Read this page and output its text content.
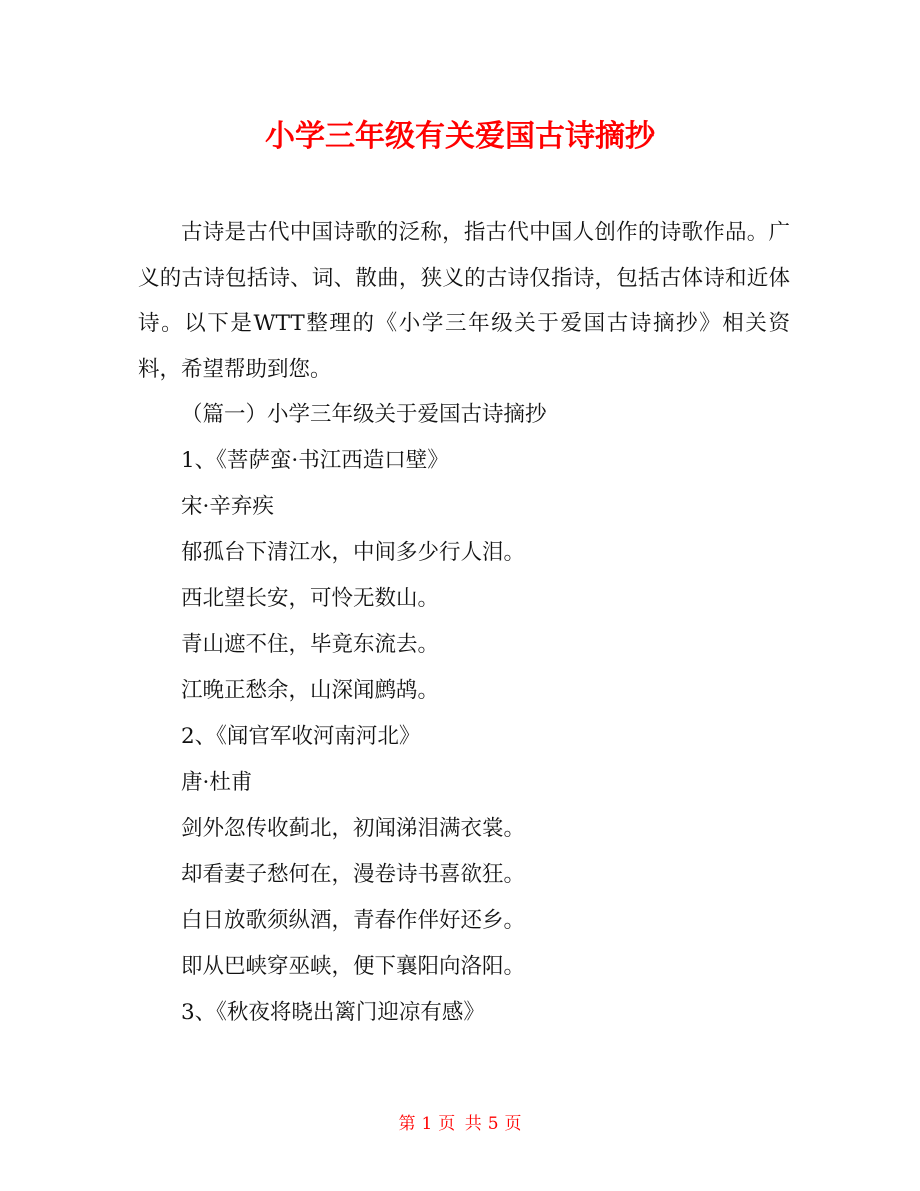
小学三年级有关爱国古诗摘抄

古诗是古代中国诗歌的泛称，指古代中国人创作的诗歌作品。广义的古诗包括诗、词、散曲，狭义的古诗仅指诗，包括古体诗和近体诗。以下是WTT整理的《小学三年级关于爱国古诗摘抄》相关资料，希望帮助到您。

（篇一）小学三年级关于爱国古诗摘抄

1、《菩萨蛮·书江西造口壁》

宋·辛弃疾

郁孤台下清江水，中间多少行人泪。

西北望长安，可怜无数山。

青山遮不住，毕竟东流去。

江晚正愁余，山深闻鹧鸪。

2、《闻官军收河南河北》

唐·杜甫

剑外忽传收蓟北，初闻涕泪满衣裳。

却看妻子愁何在，漫卷诗书喜欲狂。

白日放歌须纵酒，青春作伴好还乡。

即从巴峡穿巫峡，便下襄阳向洛阳。

3、《秋夜将晓出篱门迎凉有感》

第 1 页 共 5 页
